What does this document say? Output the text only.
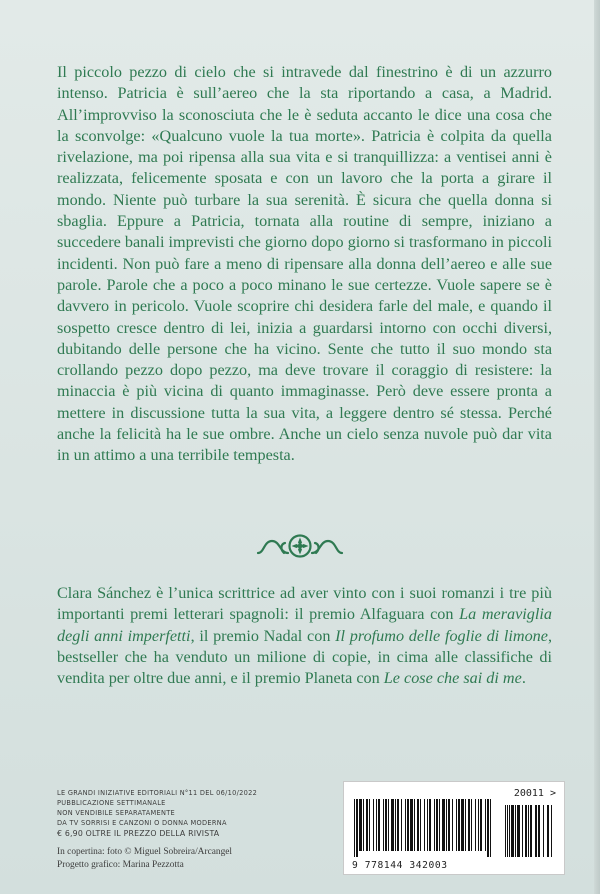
Il piccolo pezzo di cielo che si intravede dal finestrino è di un azzurro intenso. Patricia è sull’aereo che la sta riportando a casa, a Madrid. All’improvviso la sconosciuta che le è seduta accanto le dice una cosa che la sconvolge: «Qualcuno vuole la tua morte». Patricia è colpita da quella rivelazione, ma poi ripensa alla sua vita e si tranquillizza: a ventisei anni è realizzata, felicemente sposata e con un lavoro che la porta a girare il mondo. Niente può turbare la sua serenità. È sicura che quella donna si sbaglia. Eppure a Patricia, tornata alla routine di sempre, iniziano a succedere banali imprevisti che giorno dopo giorno si trasformano in piccoli incidenti. Non può fare a meno di ripensare alla donna dell’aereo e alle sue parole. Parole che a poco a poco minano le sue certezze. Vuole sapere se è davvero in pericolo. Vuole scoprire chi desidera farle del male, e quando il sospetto cresce dentro di lei, inizia a guardarsi intorno con occhi diversi, dubitando delle persone che ha vicino. Sente che tutto il suo mondo sta crollando pezzo dopo pezzo, ma deve trovare il coraggio di resistere: la minaccia è più vicina di quanto immaginasse. Però deve essere pronta a mettere in discussione tutta la sua vita, a leggere dentro sé stessa. Perché anche la felicità ha le sue ombre. Anche un cielo senza nuvole può dar vita in un attimo a una terribile tempesta.

Clara Sánchez è l’unica scrittrice ad aver vinto con i suoi romanzi i tre più importanti premi letterari spagnoli: il premio Alfaguara con La meraviglia degli anni imperfetti, il premio Nadal con Il profumo delle foglie di limone, bestseller che ha venduto un milione di copie, in cima alle classifiche di vendita per oltre due anni, e il premio Planeta con Le cose che sai di me.

LE GRANDI INIZIATIVE EDITORIALI N°11 DEL 06/10/2022
PUBBLICAZIONE SETTIMANALE
NON VENDIBILE SEPARATAMENTE
DA TV SORRISI E CANZONI O DONNA MODERNA
€ 6,90 OLTRE IL PREZZO DELLA RIVISTA
In copertina: foto © Miguel Sobreira/Arcangel
Progetto grafico: Marina Pezzotta
20011 >
9 778144 342003
